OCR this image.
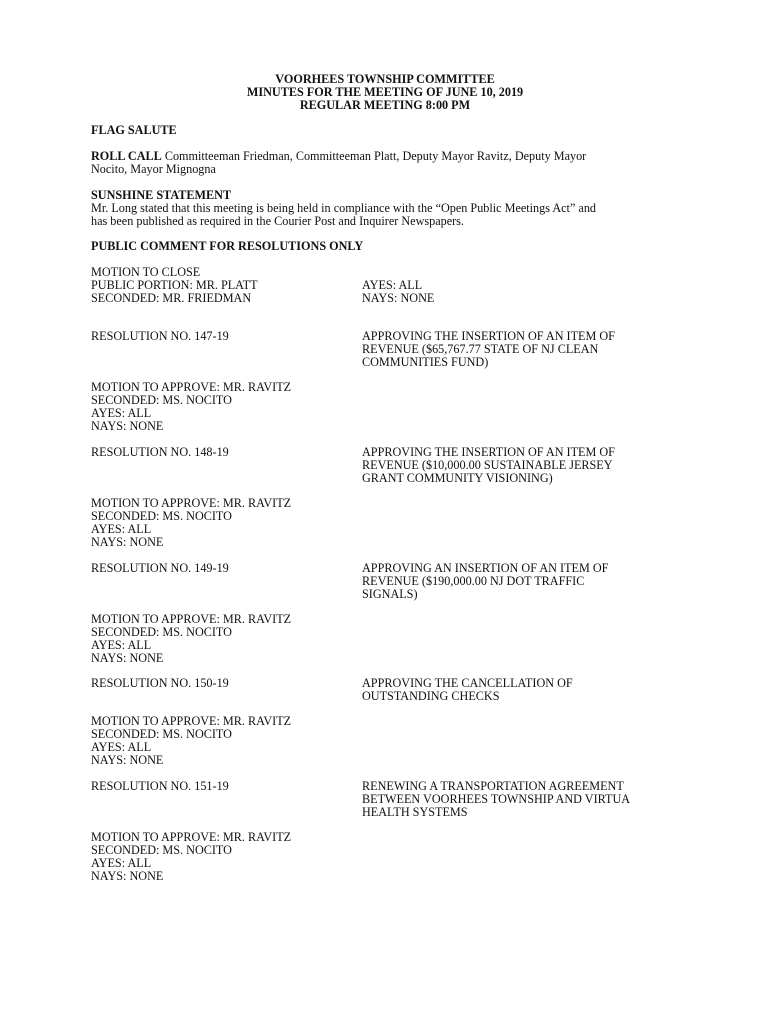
VOORHEES TOWNSHIP COMMITTEE
MINUTES FOR THE MEETING OF JUNE 10, 2019
REGULAR MEETING 8:00 PM
FLAG SALUTE
ROLL CALL Committeeman Friedman, Committeeman Platt, Deputy Mayor Ravitz, Deputy Mayor
Nocito, Mayor Mignogna
SUNSHINE STATEMENT
Mr. Long stated that this meeting is being held in compliance with the “Open Public Meetings Act” and
has been published as required in the Courier Post and Inquirer Newspapers.
PUBLIC COMMENT FOR RESOLUTIONS ONLY
MOTION TO CLOSE
PUBLIC PORTION: MR. PLATT
SECONDED: MR. FRIEDMAN
AYES: ALL
NAYS: NONE
RESOLUTION NO. 147-19	APPROVING THE INSERTION OF AN ITEM OF
REVENUE ($65,767.77 STATE OF NJ CLEAN
COMMUNITIES FUND)
MOTION TO APPROVE: MR. RAVITZ
SECONDED: MS. NOCITO
AYES: ALL
NAYS: NONE
RESOLUTION NO. 148-19	APPROVING THE INSERTION OF AN ITEM OF
REVENUE ($10,000.00 SUSTAINABLE JERSEY
GRANT COMMUNITY VISIONING)
MOTION TO APPROVE: MR. RAVITZ
SECONDED: MS. NOCITO
AYES: ALL
NAYS: NONE
RESOLUTION NO. 149-19	APPROVING AN INSERTION OF AN ITEM OF
REVENUE ($190,000.00 NJ DOT TRAFFIC
SIGNALS)
MOTION TO APPROVE: MR. RAVITZ
SECONDED: MS. NOCITO
AYES: ALL
NAYS: NONE
RESOLUTION NO. 150-19	APPROVING THE CANCELLATION OF
OUTSTANDING CHECKS
MOTION TO APPROVE: MR. RAVITZ
SECONDED: MS. NOCITO
AYES: ALL
NAYS: NONE
RESOLUTION NO. 151-19	RENEWING A TRANSPORTATION AGREEMENT
BETWEEN VOORHEES TOWNSHIP AND VIRTUA
HEALTH SYSTEMS
MOTION TO APPROVE: MR. RAVITZ
SECONDED: MS. NOCITO
AYES: ALL
NAYS: NONE
